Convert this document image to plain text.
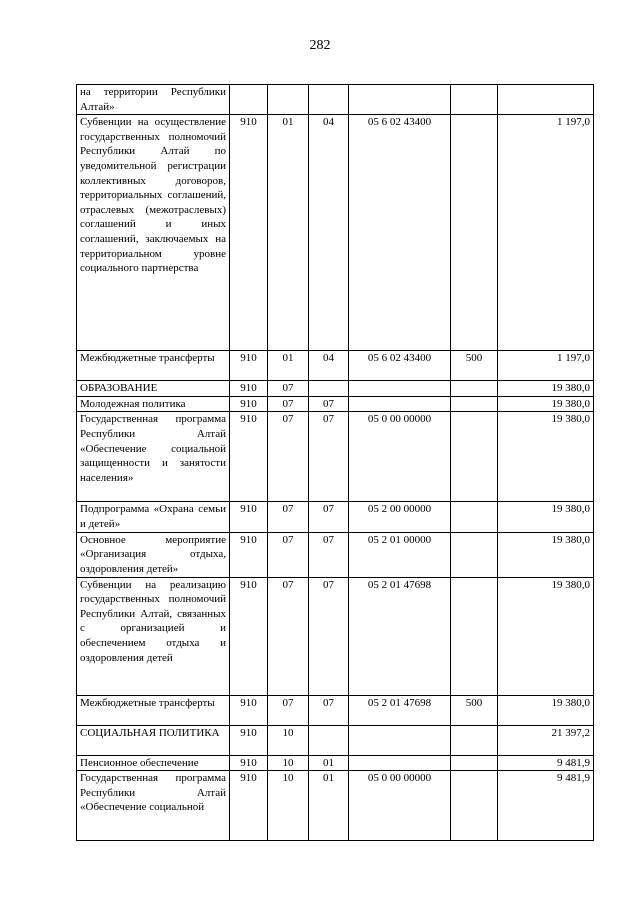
282
на территории Республики Алтай»						
Субвенции на осуществление государственных полномочий Республики Алтай по уведомительной регистрации коллективных договоров, территориальных соглашений, отраслевых (межотраслевых) соглашений и иных соглашений, заключаемых на территориальном уровне социального партнерства	910	01	04	05 6 02 43400		1 197,0
Межбюджетные трансферты	910	01	04	05 6 02 43400	500	1 197,0
ОБРАЗОВАНИЕ	910	07				19 380,0
Молодежная политика	910	07	07			19 380,0
Государственная программа Республики Алтай «Обеспечение социальной защищенности и занятости населения»	910	07	07	05 0 00 00000		19 380,0
Подпрограмма «Охрана семьи и детей»	910	07	07	05 2 00 00000		19 380,0
Основное мероприятие «Организация отдыха, оздоровления детей»	910	07	07	05 2 01 00000		19 380,0
Субвенции на реализацию государственных полномочий Республики Алтай, связанных с организацией и обеспечением отдыха и оздоровления детей	910	07	07	05 2 01 47698		19 380,0
Межбюджетные трансферты	910	07	07	05 2 01 47698	500	19 380,0
СОЦИАЛЬНАЯ ПОЛИТИКА	910	10				21 397,2
Пенсионное обеспечение	910	10	01			9 481,9
Государственная программа Республики Алтай «Обеспечение социальной	910	10	01	05 0 00 00000		9 481,9
